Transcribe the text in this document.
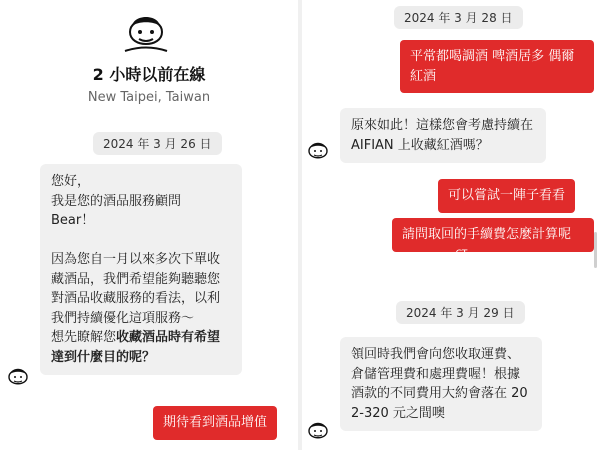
2 小時以前在線
New Taipei, Taiwan
2024 年 3 月 26 日
您好，
我是您的酒品服務顧問
Bear！

因為您自一月以來多次下單收藏酒品，我們希望能夠聽聽您對酒品收藏服務的看法，以利我們持續優化這項服務～
想先瞭解您收藏酒品時有希望達到什麼目的呢？
期待看到酒品增值
2024 年 3 月 28 日
平常都喝調酒 啤酒居多 偶爾紅酒
原來如此！這樣您會考慮持續在 AIFIAN 上收藏紅酒嗎？
可以嘗試一陣子看看
請問取回的手續費怎麼計算呢
CT
小天地
2024 年 3 月 29 日
領回時我們會向您收取運費、倉儲管理費和處理費喔！根據酒款的不同費用大約會落在 202-320 元之間噢
